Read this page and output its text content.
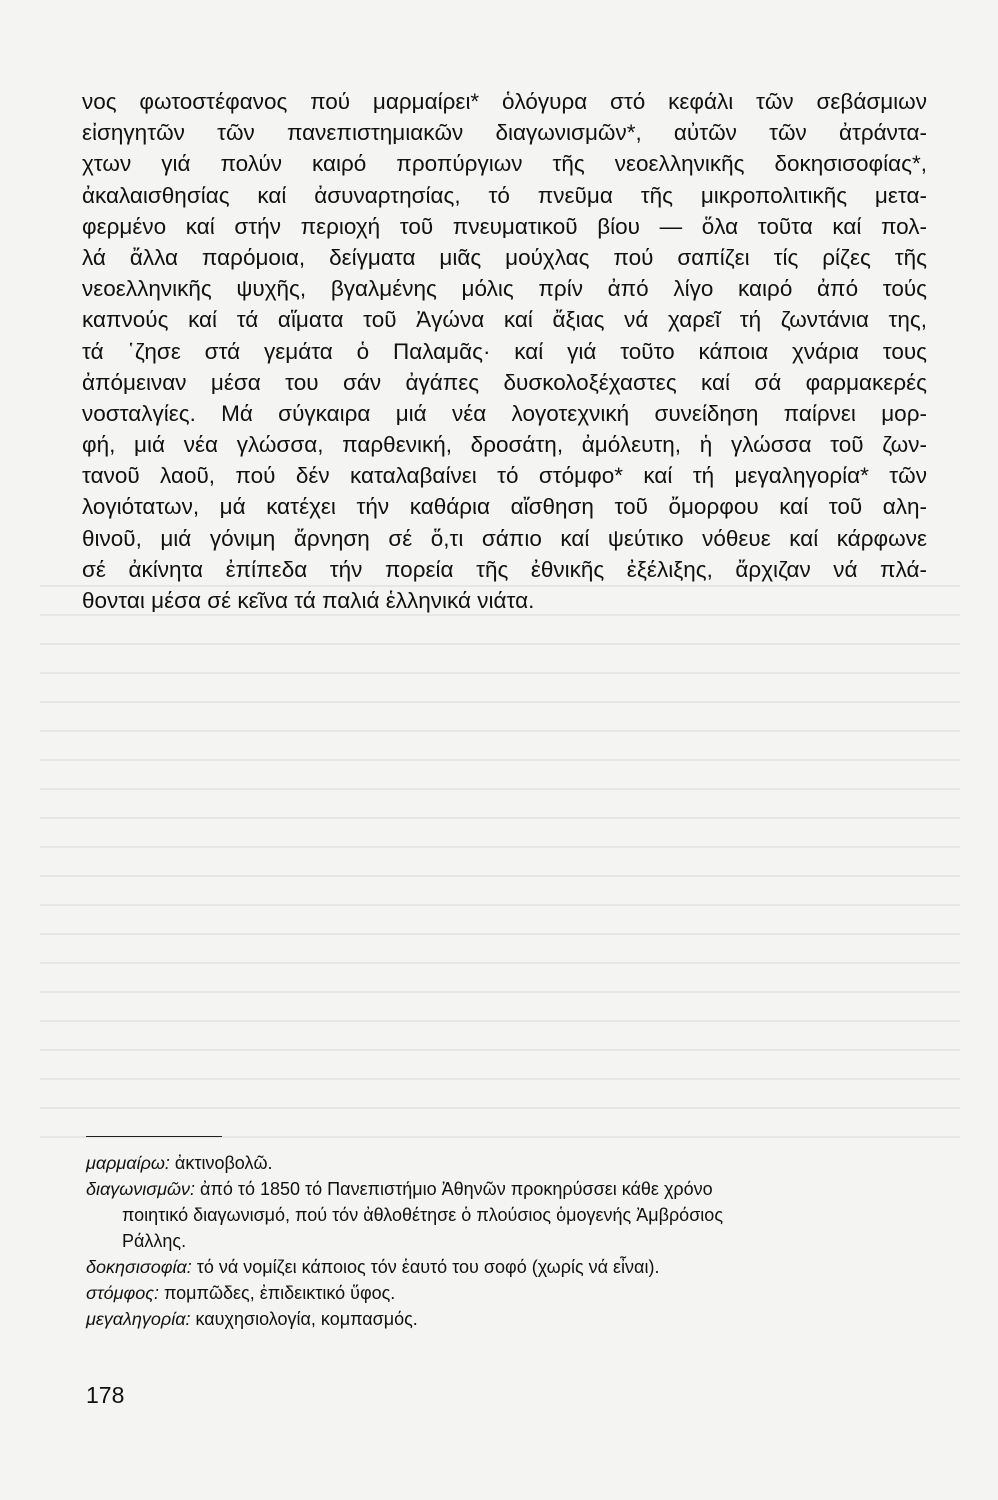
νος φωτοστέφανος πού μαρμαίρει* ὁλόγυρα στό κεφάλι τῶν σεβάσμιων
εἰσηγητῶν τῶν πανεπιστημιακῶν διαγωνισμῶν*, αὐτῶν τῶν ἀτράντα-
χτων γιά πολύν καιρό προπύργιων τῆς νεοελληνικῆς δοκησισοφίας*,
ἀκαλαισθησίας καί ἀσυναρτησίας, τό πνεῦμα τῆς μικροπολιτικῆς μετα-
φερμένο καί στήν περιοχή τοῦ πνευματικοῦ βίου — ὅλα τοῦτα καί πολ-
λά ἄλλα παρόμοια, δείγματα μιᾶς μούχλας πού σαπίζει τίς ρίζες τῆς
νεοελληνικῆς ψυχῆς, βγαλμένης μόλις πρίν ἀπό λίγο καιρό ἀπό τούς
καπνούς καί τά αἵματα τοῦ Ἀγώνα καί ἄξιας νά χαρεῖ τή ζωντάνια της,
τά ῾ζησε στά γεμάτα ὁ Παλαμᾶς· καί γιά τοῦτο κάποια χνάρια τους
ἀπόμειναν μέσα του σάν ἀγάπες δυσκολοξέχαστες καί σά φαρμακερές
νοσταλγίες. Μά σύγκαιρα μιά νέα λογοτεχνική συνείδηση παίρνει μορ-
φή, μιά νέα γλώσσα, παρθενική, δροσάτη, ἀμόλευτη, ἡ γλώσσα τοῦ ζων-
τανοῦ λαοῦ, πού δέν καταλαβαίνει τό στόμφο* καί τή μεγαληγορία* τῶν
λογιότατων, μά κατέχει τήν καθάρια αἴσθηση τοῦ ὄμορφου καί τοῦ αλη-
θινοῦ, μιά γόνιμη ἄρνηση σέ ὅ,τι σάπιο καί ψεύτικο νόθευε καί κάρφωνε
σέ ἀκίνητα ἐπίπεδα τήν πορεία τῆς ἐθνικῆς ἐξέλιξης, ἄρχιζαν νά πλά-
θονται μέσα σέ κεῖνα τά παλιά ἑλληνικά νιάτα.

μαρμαίρω: ἀκτινοβολῶ.

διαγωνισμῶν: ἀπό τό 1850 τό Πανεπιστήμιο Ἀθηνῶν προκηρύσσει κάθε χρόνο
ποιητικό διαγωνισμό, πού τόν ἀθλοθέτησε ὁ πλούσιος ὁμογενής Ἀμβρόσιος
Ράλλης.

δοκησισοφία: τό νά νομίζει κάποιος τόν ἑαυτό του σοφό (χωρίς νά εἶναι).

στόμφος: πομπῶδες, ἐπιδεικτικό ὕφος.

μεγαληγορία: καυχησιολογία, κομπασμός.

178
